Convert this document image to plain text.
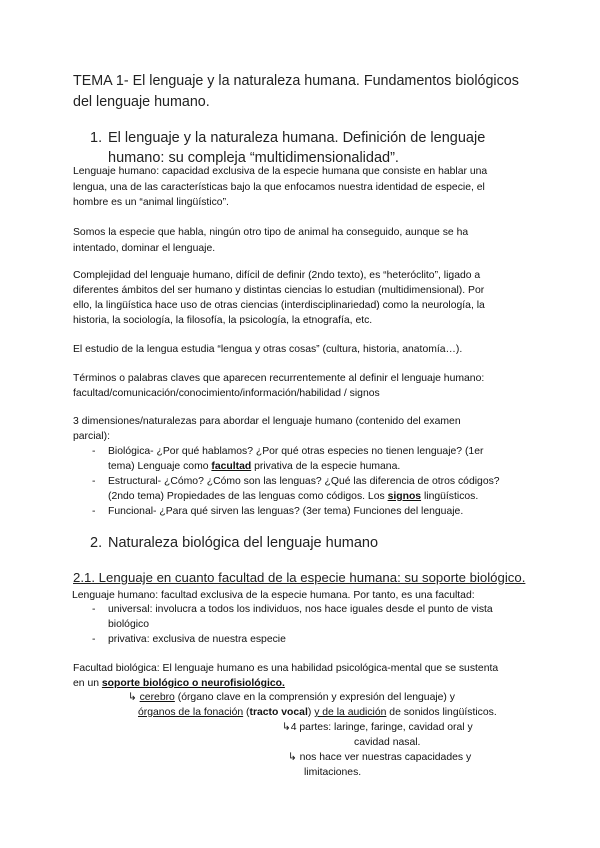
TEMA 1- El lenguaje y la naturaleza humana. Fundamentos biológicos
del lenguaje humano.
1. El lenguaje y la naturaleza humana. Definición de lenguaje
humano: su compleja “multidimensionalidad”.
Lenguaje humano: capacidad exclusiva de la especie humana que consiste en hablar una
lengua, una de las características bajo la que enfocamos nuestra identidad de especie, el
hombre es un “animal lingüístico”.
Somos la especie que habla, ningún otro tipo de animal ha conseguido, aunque se ha
intentado, dominar el lenguaje.
Complejidad del lenguaje humano, difícil de definir (2ndo texto), es “heteróclito”, ligado a
diferentes ámbitos del ser humano y distintas ciencias lo estudian (multidimensional). Por
ello, la lingüística hace uso de otras ciencias (interdisciplinariedad) como la neurología, la
historia, la sociología, la filosofía, la psicología, la etnografía, etc.
El estudio de la lengua estudia “lengua y otras cosas” (cultura, historia, anatomía…).
Términos o palabras claves que aparecen recurrentemente al definir el lenguaje humano:
facultad/comunicación/conocimiento/información/habilidad / signos
3 dimensiones/naturalezas para abordar el lenguaje humano (contenido del examen
parcial):
- Biológica- ¿Por qué hablamos? ¿Por qué otras especies no tienen lenguaje? (1er
tema) Lenguaje como facultad privativa de la especie humana.
- Estructural- ¿Cómo? ¿Cómo son las lenguas? ¿Qué las diferencia de otros códigos?
(2ndo tema) Propiedades de las lenguas como códigos. Los signos lingüísticos.
- Funcional- ¿Para qué sirven las lenguas? (3er tema) Funciones del lenguaje.
2. Naturaleza biológica del lenguaje humano
2.1. Lenguaje en cuanto facultad de la especie humana: su soporte biológico.
Lenguaje humano: facultad exclusiva de la especie humana. Por tanto, es una facultad:
- universal: involucra a todos los individuos, nos hace iguales desde el punto de vista
biológico
- privativa: exclusiva de nuestra especie
Facultad biológica: El lenguaje humano es una habilidad psicológica-mental que se sustenta
en un soporte biológico o neurofisiológico.
↳ cerebro (órgano clave en la comprensión y expresión del lenguaje) y
órganos de la fonación (tracto vocal) y de la audición de sonidos lingüísticos.
↳4 partes: laringe, faringe, cavidad oral y
cavidad nasal.
↳ nos hace ver nuestras capacidades y
limitaciones.
